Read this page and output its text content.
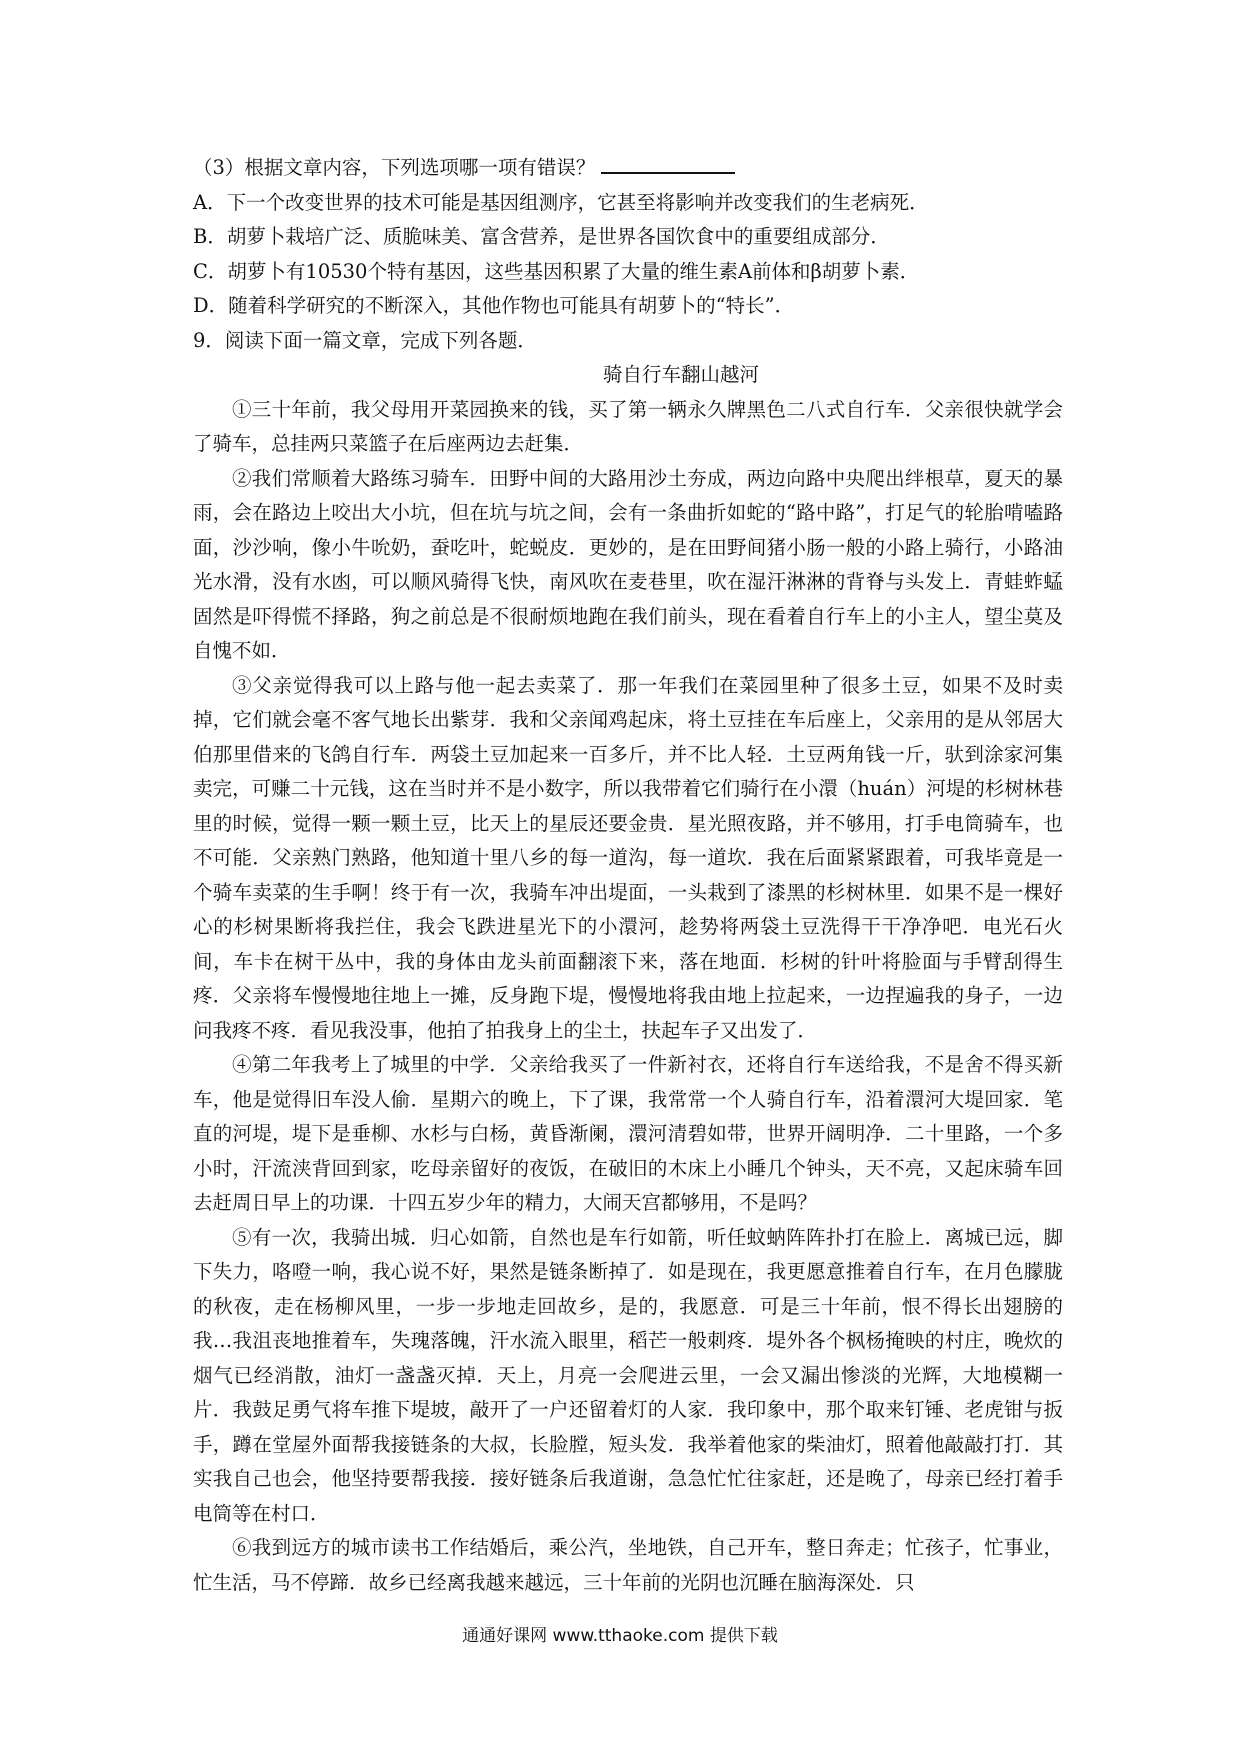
（3）根据文章内容，下列选项哪一项有错误？

A．下一个改变世界的技术可能是基因组测序，它甚至将影响并改变我们的生老病死．

B．胡萝卜栽培广泛、质脆味美、富含营养，是世界各国饮食中的重要组成部分．

C．胡萝卜有10530个特有基因，这些基因积累了大量的维生素A前体和β胡萝卜素．

D．随着科学研究的不断深入，其他作物也可能具有胡萝卜的“特长”．

9．阅读下面一篇文章，完成下列各题．

骑自行车翻山越河

①三十年前，我父母用开菜园换来的钱，买了第一辆永久牌黑色二八式自行车．父亲很快就学会了骑车，总挂两只菜篮子在后座两边去赶集．

②我们常顺着大路练习骑车．田野中间的大路用沙土夯成，两边向路中央爬出绊根草，夏天的暴雨，会在路边上咬出大小坑，但在坑与坑之间，会有一条曲折如蛇的“路中路”，打足气的轮胎啃嗑路面，沙沙响，像小牛吮奶，蚕吃叶，蛇蜕皮．更妙的，是在田野间猪小肠一般的小路上骑行，小路油光水滑，没有水凼，可以顺风骑得飞快，南风吹在麦巷里，吹在湿汗淋淋的背脊与头发上．青蛙蚱蜢固然是吓得慌不择路，狗之前总是不很耐烦地跑在我们前头，现在看着自行车上的小主人，望尘莫及自愧不如．

③父亲觉得我可以上路与他一起去卖菜了．那一年我们在菜园里种了很多土豆，如果不及时卖掉，它们就会毫不客气地长出紫芽．我和父亲闻鸡起床，将土豆挂在车后座上，父亲用的是从邻居大伯那里借来的飞鸽自行车．两袋土豆加起来一百多斤，并不比人轻．土豆两角钱一斤，驮到涂家河集卖完，可赚二十元钱，这在当时并不是小数字，所以我带着它们骑行在小澴（huán）河堤的杉树林巷里的时候，觉得一颗一颗土豆，比天上的星辰还要金贵．星光照夜路，并不够用，打手电筒骑车，也不可能．父亲熟门熟路，他知道十里八乡的每一道沟，每一道坎．我在后面紧紧跟着，可我毕竟是一个骑车卖菜的生手啊！终于有一次，我骑车冲出堤面，一头栽到了漆黑的杉树林里．如果不是一棵好心的杉树果断将我拦住，我会飞跌进星光下的小澴河，趁势将两袋土豆洗得干干净净吧．电光石火间，车卡在树干丛中，我的身体由龙头前面翻滚下来，落在地面．杉树的针叶将脸面与手臂刮得生疼．父亲将车慢慢地往地上一摊，反身跑下堤，慢慢地将我由地上拉起来，一边捏遍我的身子，一边问我疼不疼．看见我没事，他拍了拍我身上的尘土，扶起车子又出发了．

④第二年我考上了城里的中学．父亲给我买了一件新衬衣，还将自行车送给我，不是舍不得买新车，他是觉得旧车没人偷．星期六的晚上，下了课，我常常一个人骑自行车，沿着澴河大堤回家．笔直的河堤，堤下是垂柳、水杉与白杨，黄昏渐阑，澴河清碧如带，世界开阔明净．二十里路，一个多小时，汗流浃背回到家，吃母亲留好的夜饭，在破旧的木床上小睡几个钟头，天不亮，又起床骑车回去赶周日早上的功课．十四五岁少年的精力，大闹天宫都够用，不是吗？

⑤有一次，我骑出城．归心如箭，自然也是车行如箭，听任蚊蚋阵阵扑打在脸上．离城已远，脚下失力，咯噔一响，我心说不好，果然是链条断掉了．如是现在，我更愿意推着自行车，在月色朦胧的秋夜，走在杨柳风里，一步一步地走回故乡，是的，我愿意．可是三十年前，恨不得长出翅膀的我…我沮丧地推着车，失瑰落魄，汗水流入眼里，稻芒一般刺疼．堤外各个枫杨掩映的村庄，晚炊的烟气已经消散，油灯一盏盏灭掉．天上，月亮一会爬进云里，一会又漏出惨淡的光辉，大地模糊一片．我鼓足勇气将车推下堤坡，敲开了一户还留着灯的人家．我印象中，那个取来钉锤、老虎钳与扳手，蹲在堂屋外面帮我接链条的大叔，长脸膛，短头发．我举着他家的柴油灯，照着他敲敲打打．其实我自己也会，他坚持要帮我接．接好链条后我道谢，急急忙忙往家赶，还是晚了，母亲已经打着手电筒等在村口．

⑥我到远方的城市读书工作结婚后，乘公汽，坐地铁，自己开车，整日奔走；忙孩子，忙事业，忙生活，马不停蹄．故乡已经离我越来越远，三十年前的光阴也沉睡在脑海深处．只

通通好课网 www.tthaoke.com 提供下载
